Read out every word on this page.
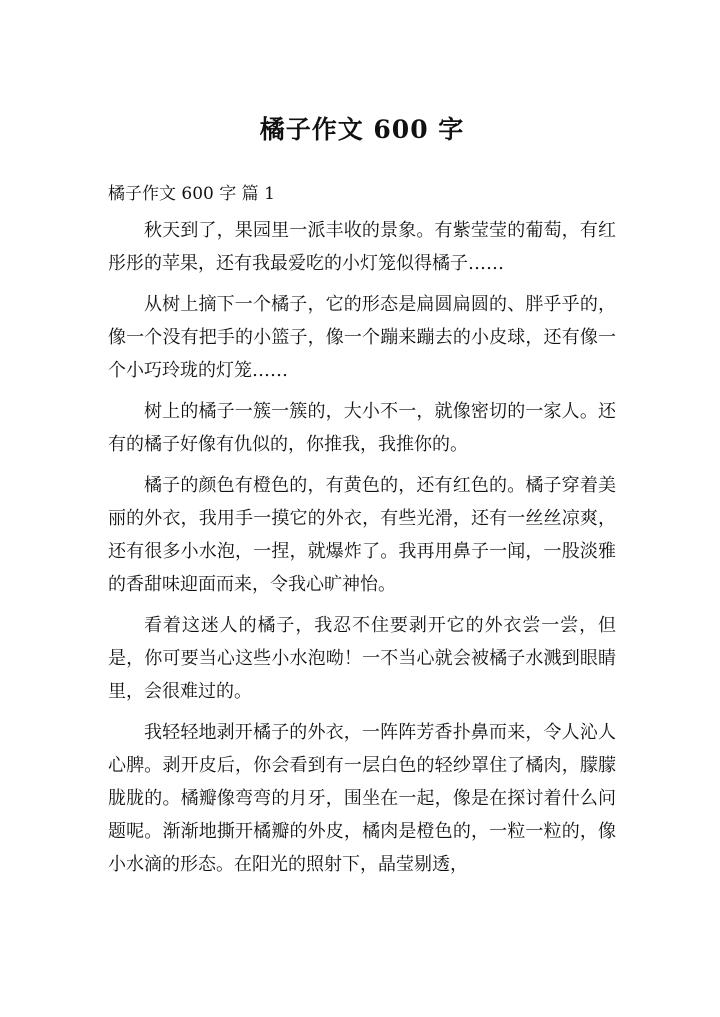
橘子作文 600 字
橘子作文 600 字 篇 1

秋天到了，果园里一派丰收的景象。有紫莹莹的葡萄，有红彤彤的苹果，还有我最爱吃的小灯笼似得橘子……

从树上摘下一个橘子，它的形态是扁圆扁圆的、胖乎乎的，像一个没有把手的小篮子，像一个蹦来蹦去的小皮球，还有像一个小巧玲珑的灯笼……

树上的橘子一簇一簇的，大小不一，就像密切的一家人。还有的橘子好像有仇似的，你推我，我推你的。

橘子的颜色有橙色的，有黄色的，还有红色的。橘子穿着美丽的外衣，我用手一摸它的外衣，有些光滑，还有一丝丝凉爽，还有很多小水泡，一捏，就爆炸了。我再用鼻子一闻，一股淡雅的香甜味迎面而来，令我心旷神怡。

看着这迷人的橘子，我忍不住要剥开它的外衣尝一尝，但是，你可要当心这些小水泡呦！一不当心就会被橘子水溅到眼睛里，会很难过的。

我轻轻地剥开橘子的外衣，一阵阵芳香扑鼻而来，令人沁人心脾。剥开皮后，你会看到有一层白色的轻纱罩住了橘肉，朦朦胧胧的。橘瓣像弯弯的月牙，围坐在一起，像是在探讨着什么问题呢。渐渐地撕开橘瓣的外皮，橘肉是橙色的，一粒一粒的，像小水滴的形态。在阳光的照射下，晶莹剔透，
